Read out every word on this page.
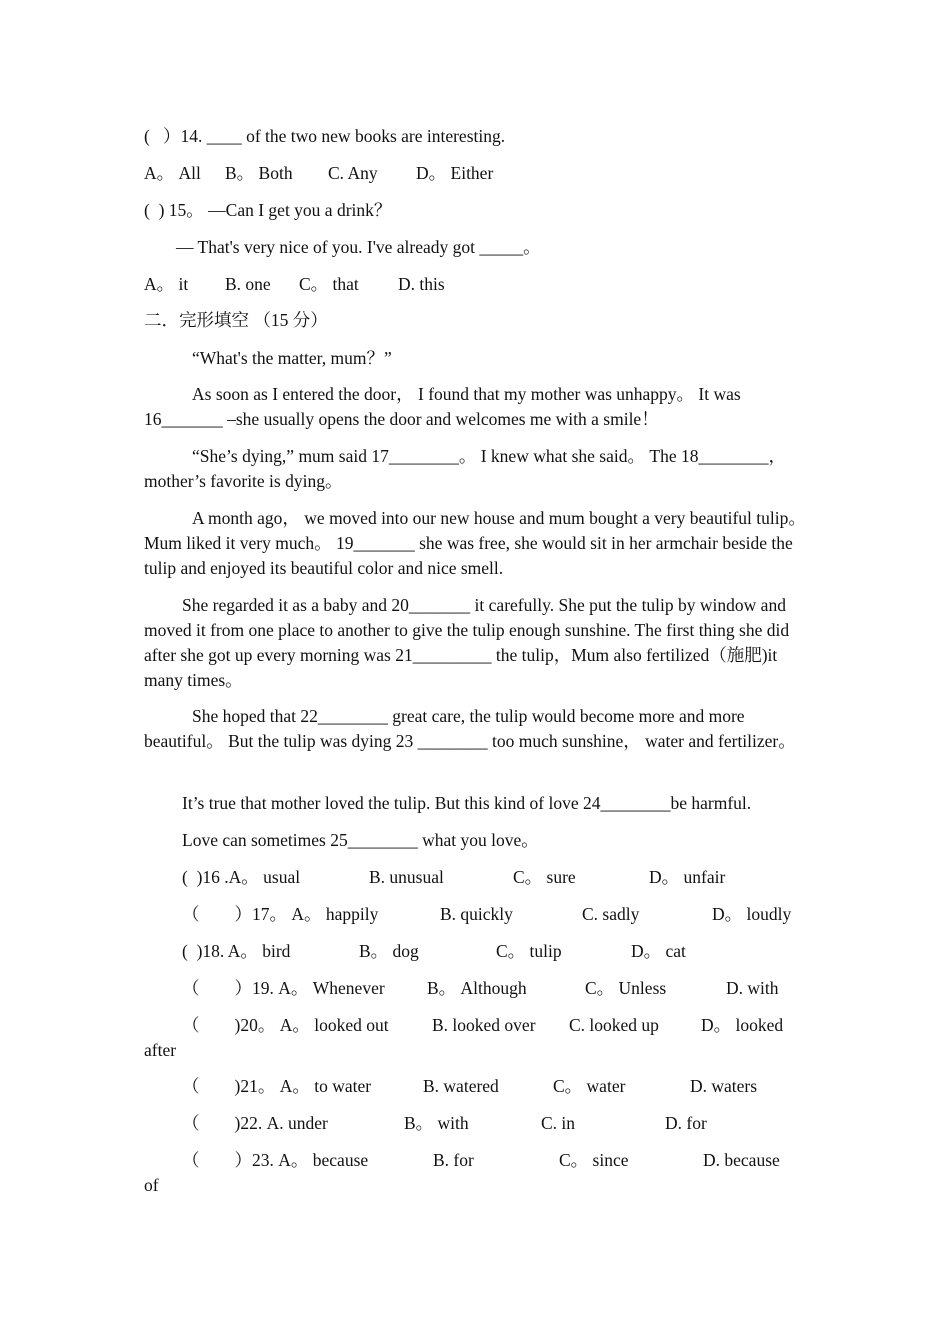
(   ）14. ____ of the two new books are interesting.
A。 All B。 Both C. Any D。 Either
(  ) 15。 —Can I get you a drink？
— That's very nice of you. I've already got _____。
A。 it B. one C。 that D. this
二．完形填空 （15 分）
“What's the matter, mum？”
As soon as I entered the door， I found that my mother was unhappy。 It was 16_______ –she usually opens the door and welcomes me with a smile！
“She’s dying,” mum said 17________。 I knew what she said。 The 18________， mother’s favorite is dying。
A month ago， we moved into our new house and mum bought a very beautiful tulip。 Mum liked it very much。 19_______ she was free, she would sit in her armchair beside the tulip and enjoyed its beautiful color and nice smell.
She regarded it as a baby and 20_______ it carefully. She put the tulip by window and moved it from one place to another to give the tulip enough sunshine. The first thing she did after she got up every morning was 21_________ the tulip，Mum also fertilized（施肥)it many times。
She hoped that 22________ great care, the tulip would become more and more beautiful。 But the tulip was dying 23 ________ too much sunshine， water and fertilizer。
It’s true that mother loved the tulip. But this kind of love 24________be harmful.
Love can sometimes 25________ what you love。
(  )16 .A。 usual	B. unusual	C。 sure	D。 unfair
（        ）17。 A。 happily	B. quickly	C. sadly	D。 loudly
(  )18. A。 bird	B。 dog	C。 tulip	D。 cat
（        ）19. A。 Whenever B。 Although	C。 Unless	D. with
（        )20。 A。 looked out B. looked over C. looked up D。 looked
after
（        )21。 A。 to water	B. watered	C。 water	D. waters
（        )22. A. under	B。 with	C. in	D. for
（        ）23. A。 because	B. for	C。 since	D. because
of
